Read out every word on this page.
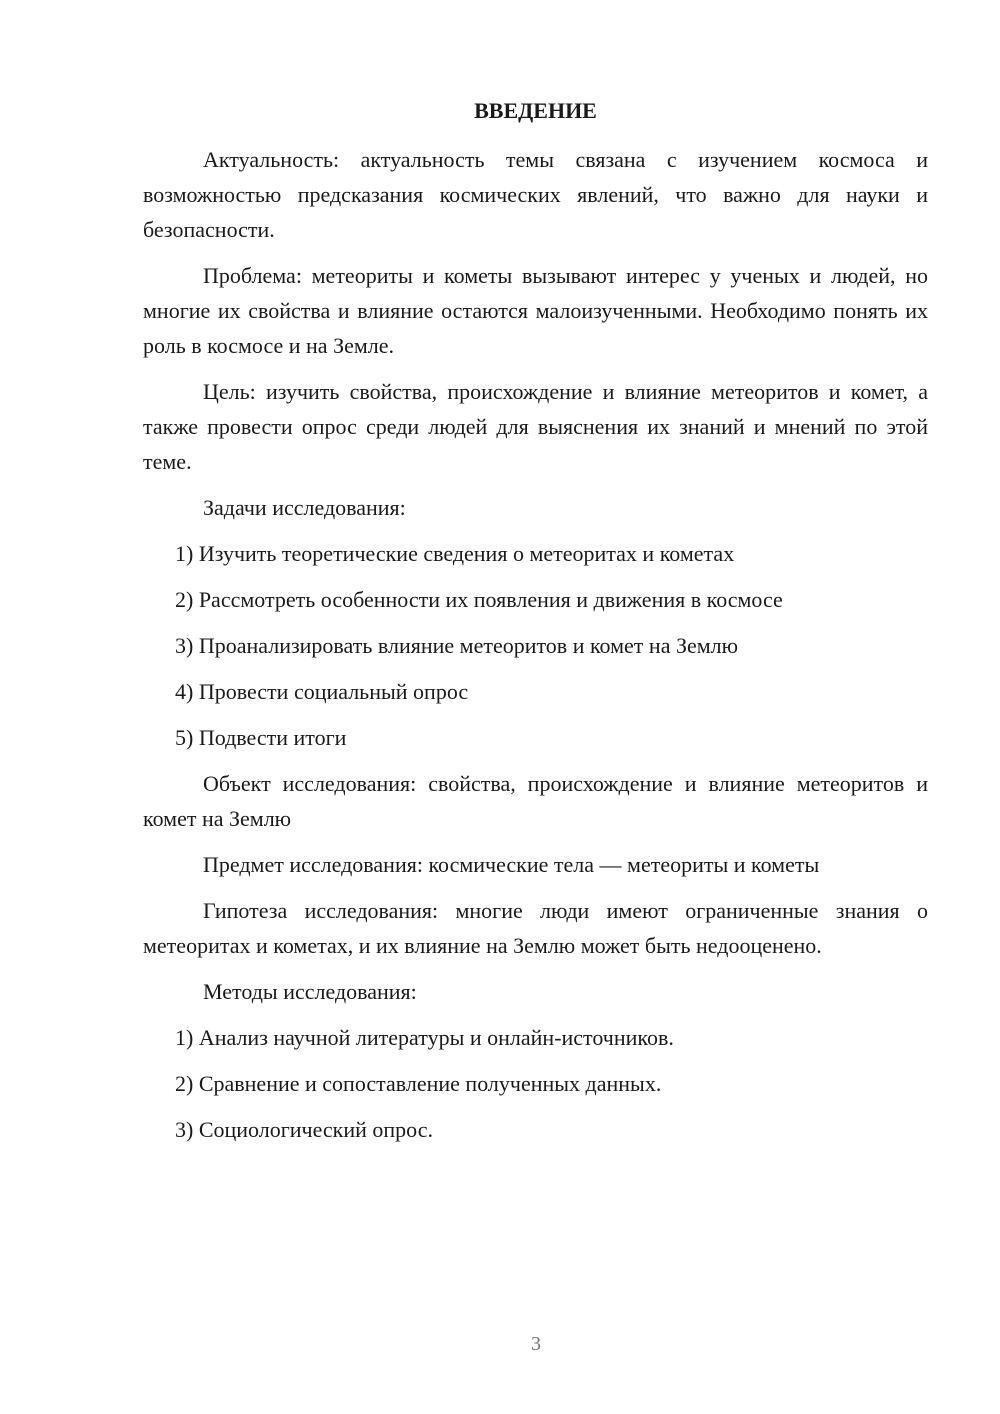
ВВЕДЕНИЕ

Актуальность: актуальность темы связана с изучением космоса и возможностью предсказания космических явлений, что важно для науки и безопасности.

Проблема: метеориты и кометы вызывают интерес у ученых и людей, но многие их свойства и влияние остаются малоизученными. Необходимо понять их роль в космосе и на Земле.

Цель: изучить свойства, происхождение и влияние метеоритов и комет, а также провести опрос среди людей для выяснения их знаний и мнений по этой теме.

Задачи исследования:
1) Изучить теоретические сведения о метеоритах и кометах
2) Рассмотреть особенности их появления и движения в космосе
3) Проанализировать влияние метеоритов и комет на Землю
4) Провести социальный опрос
5) Подвести итоги

Объект исследования: свойства, происхождение и влияние метеоритов и комет на Землю

Предмет исследования: космические тела — метеориты и кометы

Гипотеза исследования: многие люди имеют ограниченные знания о метеоритах и кометах, и их влияние на Землю может быть недооценено.

Методы исследования:
1) Анализ научной литературы и онлайн-источников.
2) Сравнение и сопоставление полученных данных.
3) Социологический опрос.
3
